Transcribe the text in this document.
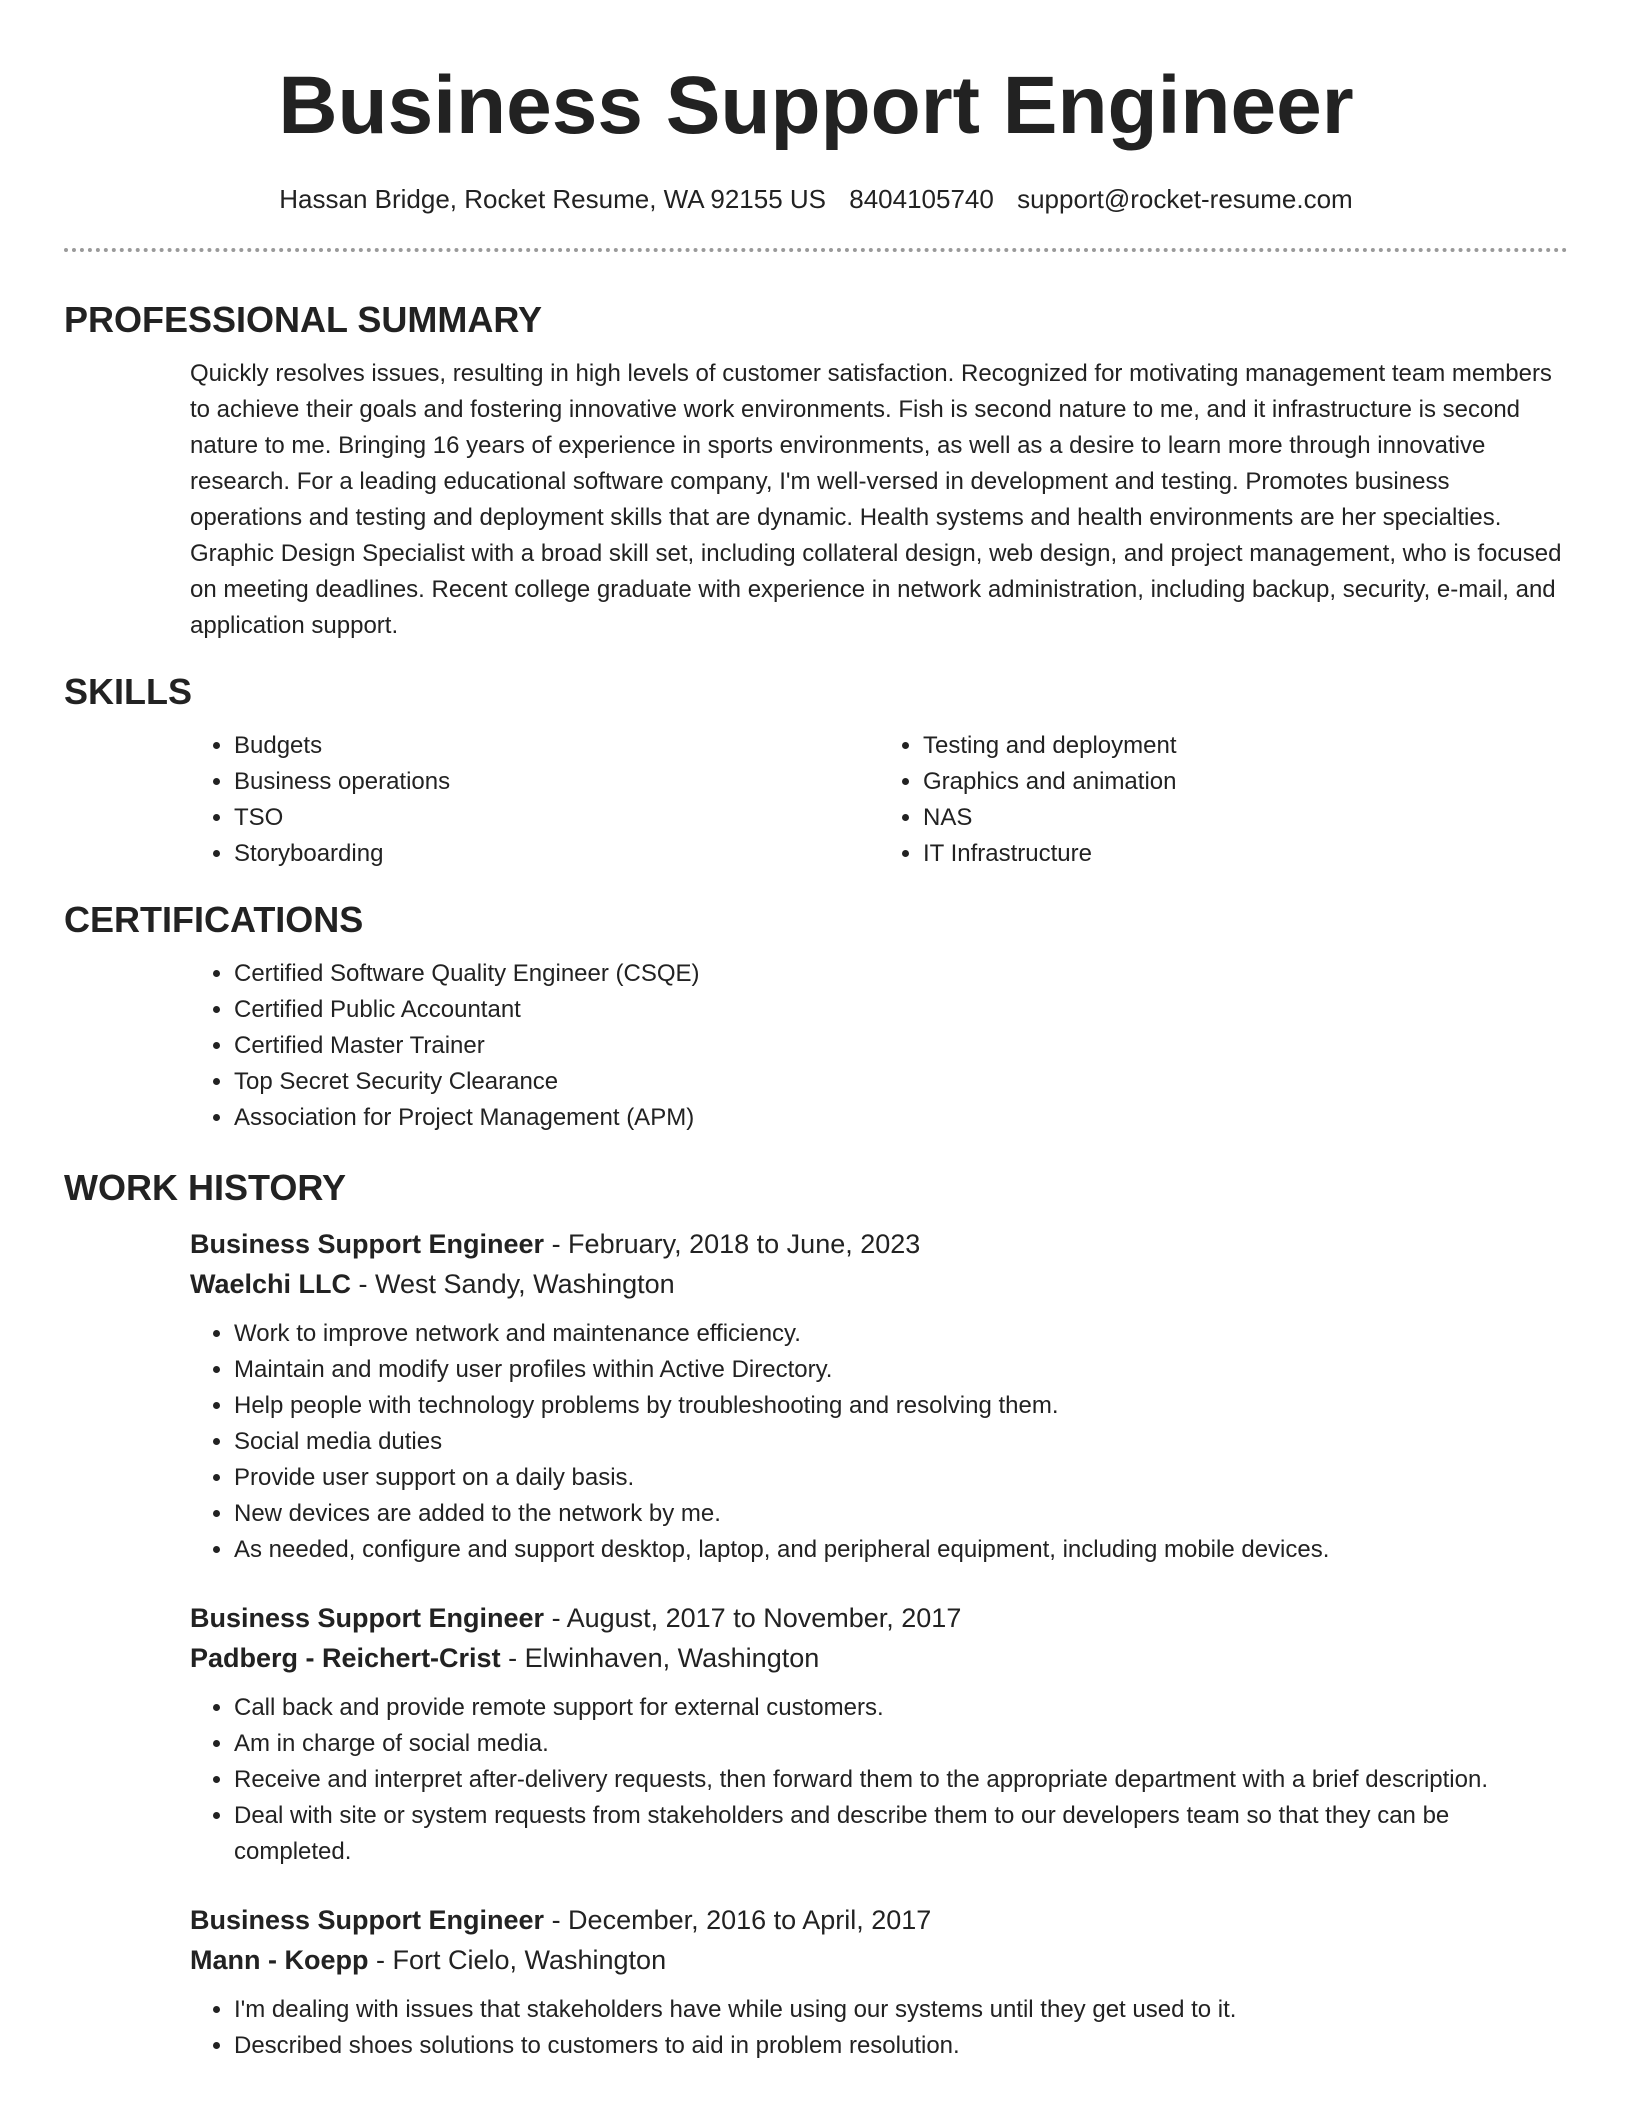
Business Support Engineer
Hassan Bridge, Rocket Resume, WA 92155 US 8404105740 support@rocket-resume.com
PROFESSIONAL SUMMARY

Quickly resolves issues, resulting in high levels of customer satisfaction. Recognized for motivating management team members to achieve their goals and fostering innovative work environments. Fish is second nature to me, and it infrastructure is second nature to me. Bringing 16 years of experience in sports environments, as well as a desire to learn more through innovative research. For a leading educational software company, I'm well-versed in development and testing. Promotes business operations and testing and deployment skills that are dynamic. Health systems and health environments are her specialties. Graphic Design Specialist with a broad skill set, including collateral design, web design, and project management, who is focused on meeting deadlines. Recent college graduate with experience in network administration, including backup, security, e-mail, and application support.

SKILLS
• Budgets
• Business operations
• TSO
• Storyboarding
• Testing and deployment
• Graphics and animation
• NAS
• IT Infrastructure
CERTIFICATIONS
• Certified Software Quality Engineer (CSQE)
• Certified Public Accountant
• Certified Master Trainer
• Top Secret Security Clearance
• Association for Project Management (APM)
WORK HISTORY
Business Support Engineer - February, 2018 to June, 2023
Waelchi LLC - West Sandy, Washington
• Work to improve network and maintenance efficiency.
• Maintain and modify user profiles within Active Directory.
• Help people with technology problems by troubleshooting and resolving them.
• Social media duties
• Provide user support on a daily basis.
• New devices are added to the network by me.
• As needed, configure and support desktop, laptop, and peripheral equipment, including mobile devices.
Business Support Engineer - August, 2017 to November, 2017
Padberg - Reichert-Crist - Elwinhaven, Washington
• Call back and provide remote support for external customers.
• Am in charge of social media.
• Receive and interpret after-delivery requests, then forward them to the appropriate department with a brief description.
• Deal with site or system requests from stakeholders and describe them to our developers team so that they can be completed.
Business Support Engineer - December, 2016 to April, 2017
Mann - Koepp - Fort Cielo, Washington
• I'm dealing with issues that stakeholders have while using our systems until they get used to it.
• Described shoes solutions to customers to aid in problem resolution.
